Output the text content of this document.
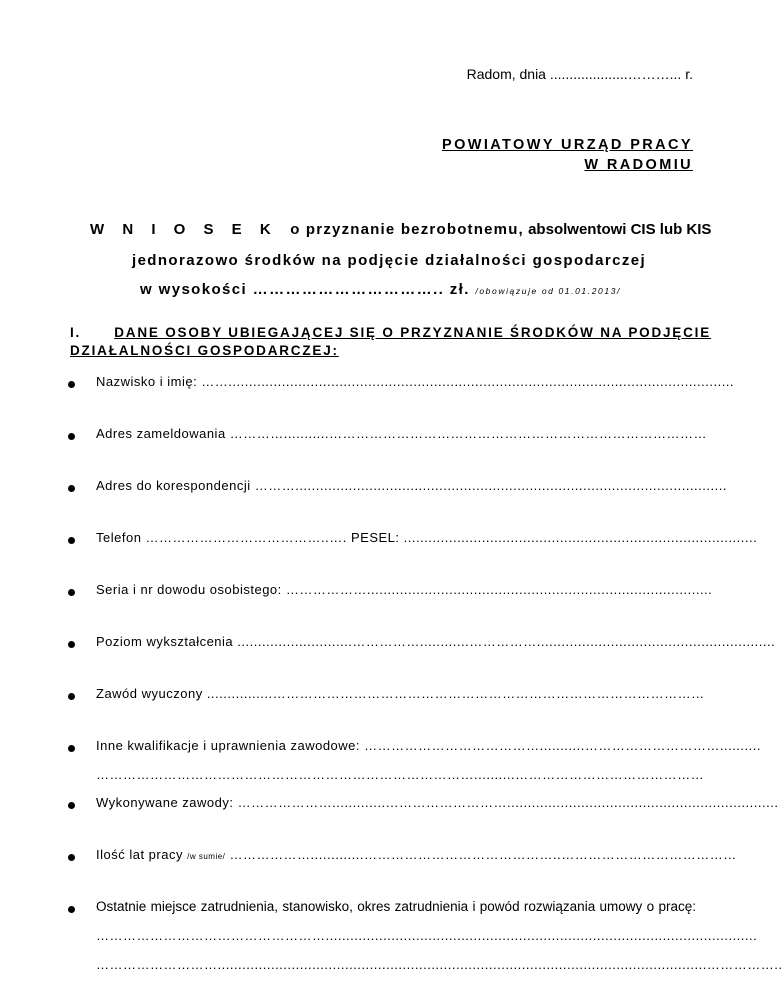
Radom, dnia ....................………... r.
POWIATOWY URZĄD PRACY
W RADOMIU
W N I O S E K o przyznanie bezrobotnemu, absolwentowi CIS lub KIS
jednorazowo środków na podjęcie działalności gospodarczej
w wysokości …………………………….. zł. /obowiązuje od 01.01.2013/
I. DANE OSOBY UBIEGAJĄCEJ SIĘ O PRZYZNANIE ŚRODKÓW NA PODJĘCIE
DZIAŁALNOŚCI GOSPODARCZEJ:
Nazwisko i imię: ……...........................................................................................................................
Adres zameldowania …………...........…………………………………………………………………………
Adres do korespondencji ……….........................................................................................................
Telefon …………………………………..…. PESEL: ......................................................................................
Seria i nr dowodu osobistego: ………………....................................................................................
Poziom wykształcenia ............................……………............……………..........................................................
Zawód wyuczony ................……………………………………………………………………………………
Inne kwalifikacje i uprawnienia zawodowe: …………………………………...........…………………………..........
…………………………………………………………………………..........……………………………………
Wykonywane zawody: ………………….............………………………..................................................................
Ilość lat pracy /w sumie/ ……………….............……………………………………..…………………………………
Ostatnie miejsce zatrudnienia, stanowisko, okres zatrudnienia i powód rozwiązania umowy o pracę:
…………………………………………….........................................................................................................
……………………….......................................................................................................................……………..
